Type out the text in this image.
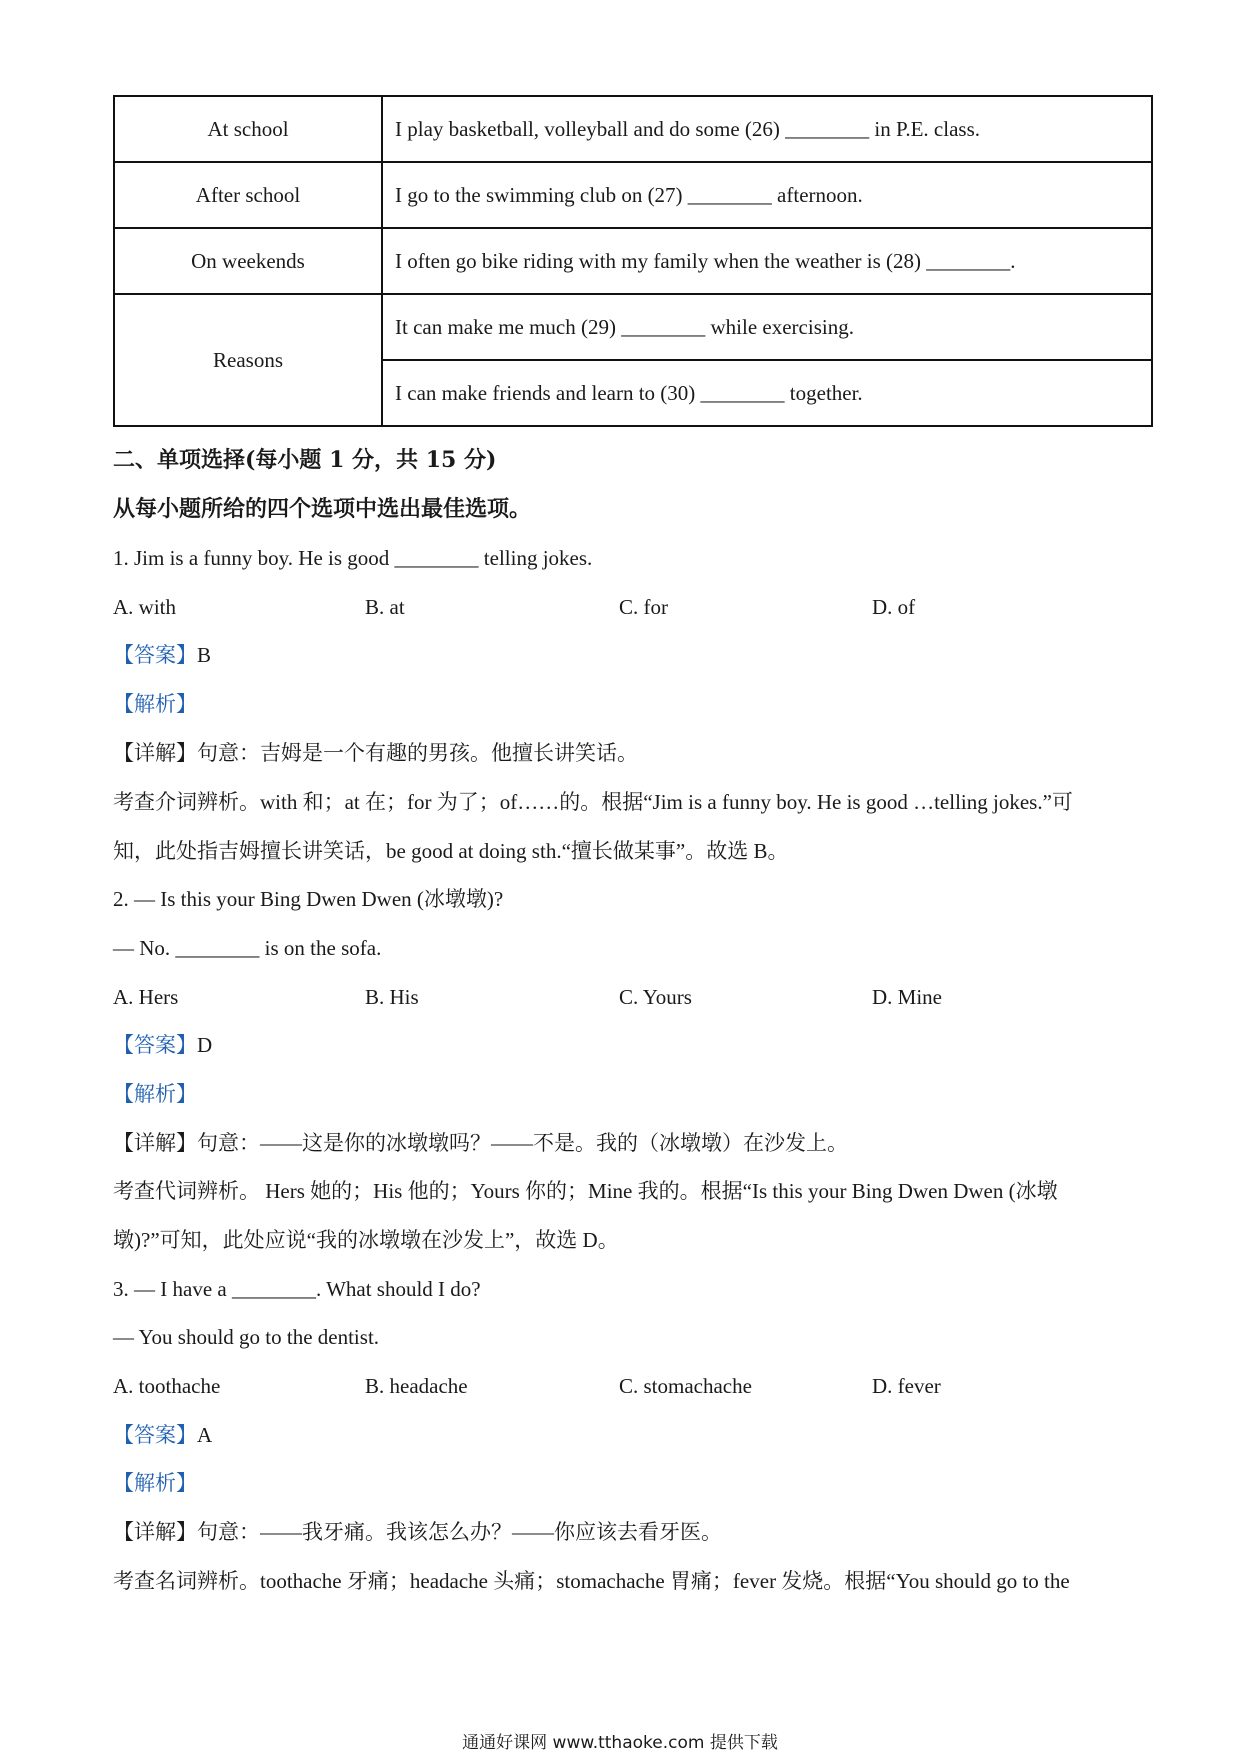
At school	I play basketball, volleyball and do some (26) ________ in P.E. class.
After school	I go to the swimming club on (27) ________ afternoon.
On weekends	I often go bike riding with my family when the weather is (28) ________.
Reasons	It can make me much (29) ________ while exercising.
	I can make friends and learn to (30) ________ together.
二、单项选择(每小题 1 分，共 15 分)
从每小题所给的四个选项中选出最佳选项。
1. Jim is a funny boy. He is good ________ telling jokes.
A. with	B. at	C. for	D. of
【答案】B
【解析】
【详解】句意：吉姆是一个有趣的男孩。他擅长讲笑话。
考查介词辨析。with 和；at 在；for 为了；of……的。根据“Jim is a funny boy. He is good …telling jokes.”可
知，此处指吉姆擅长讲笑话，be good at doing sth.“擅长做某事”。故选 B。
2. — Is this your Bing Dwen Dwen (冰墩墩)?
— No. ________ is on the sofa.
A. Hers	B. His	C. Yours	D. Mine
【答案】D
【解析】
【详解】句意：——这是你的冰墩墩吗？——不是。我的（冰墩墩）在沙发上。
考查代词辨析。 Hers 她的；His 他的；Yours 你的；Mine 我的。根据“Is this your Bing Dwen Dwen (冰墩
墩)?”可知，此处应说“我的冰墩墩在沙发上”，故选 D。
3. — I have a ________. What should I do?
— You should go to the dentist.
A. toothache	B. headache	C. stomachache	D. fever
【答案】A
【解析】
【详解】句意：——我牙痛。我该怎么办？——你应该去看牙医。
考查名词辨析。toothache 牙痛；headache 头痛；stomachache 胃痛；fever 发烧。根据“You should go to the
通通好课网 www.tthaoke.com 提供下载
